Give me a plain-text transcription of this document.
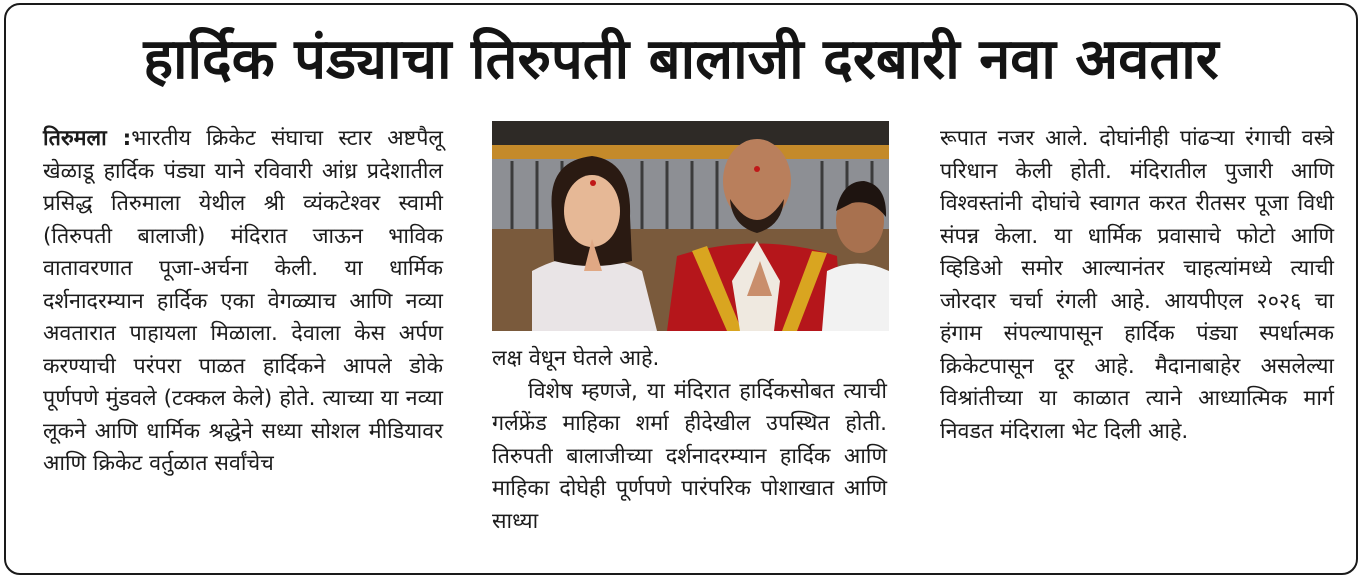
हार्दिक पंड्याचा तिरुपती बालाजी दरबारी नवा अवतार

तिरुमला :भारतीय क्रिकेट संघाचा स्टार अष्टपैलू खेळाडू हार्दिक पंड्या याने रविवारी आंध्र प्रदेशातील प्रसिद्ध तिरुमाला येथील श्री व्यंकटेश्वर स्वामी (तिरुपती बालाजी) मंदिरात जाऊन भाविक वातावरणात पूजा-अर्चना केली. या धार्मिक दर्शनादरम्यान हार्दिक एका वेगळ्याच आणि नव्या अवतारात पाहायला मिळाला. देवाला केस अर्पण करण्याची परंपरा पाळत हार्दिकने आपले डोके पूर्णपणे मुंडवले (टक्कल केले) होते. त्याच्या या नव्या लूकने आणि धार्मिक श्रद्धेने सध्या सोशल मीडियावर आणि क्रिकेट वर्तुळात सर्वांचेच

लक्ष वेधून घेतले आहे.

विशेष म्हणजे, या मंदिरात हार्दिकसोबत त्याची गर्लफ्रेंड माहिका शर्मा हीदेखील उपस्थित होती. तिरुपती बालाजीच्या दर्शनादरम्यान हार्दिक आणि माहिका दोघेही पूर्णपणे पारंपरिक पोशाखात आणि साध्या

रूपात नजर आले. दोघांनीही पांढऱ्या रंगाची वस्त्रे परिधान केली होती. मंदिरातील पुजारी आणि विश्वस्तांनी दोघांचे स्वागत करत रीतसर पूजा विधी संपन्न केला. या धार्मिक प्रवासाचे फोटो आणि व्हिडिओ समोर आल्यानंतर चाहत्यांमध्ये त्याची जोरदार चर्चा रंगली आहे. आयपीएल २०२६ चा हंगाम संपल्यापासून हार्दिक पंड्या स्पर्धात्मक क्रिकेटपासून दूर आहे. मैदानाबाहेर असलेल्या विश्रांतीच्या या काळात त्याने आध्यात्मिक मार्ग निवडत मंदिराला भेट दिली आहे.
